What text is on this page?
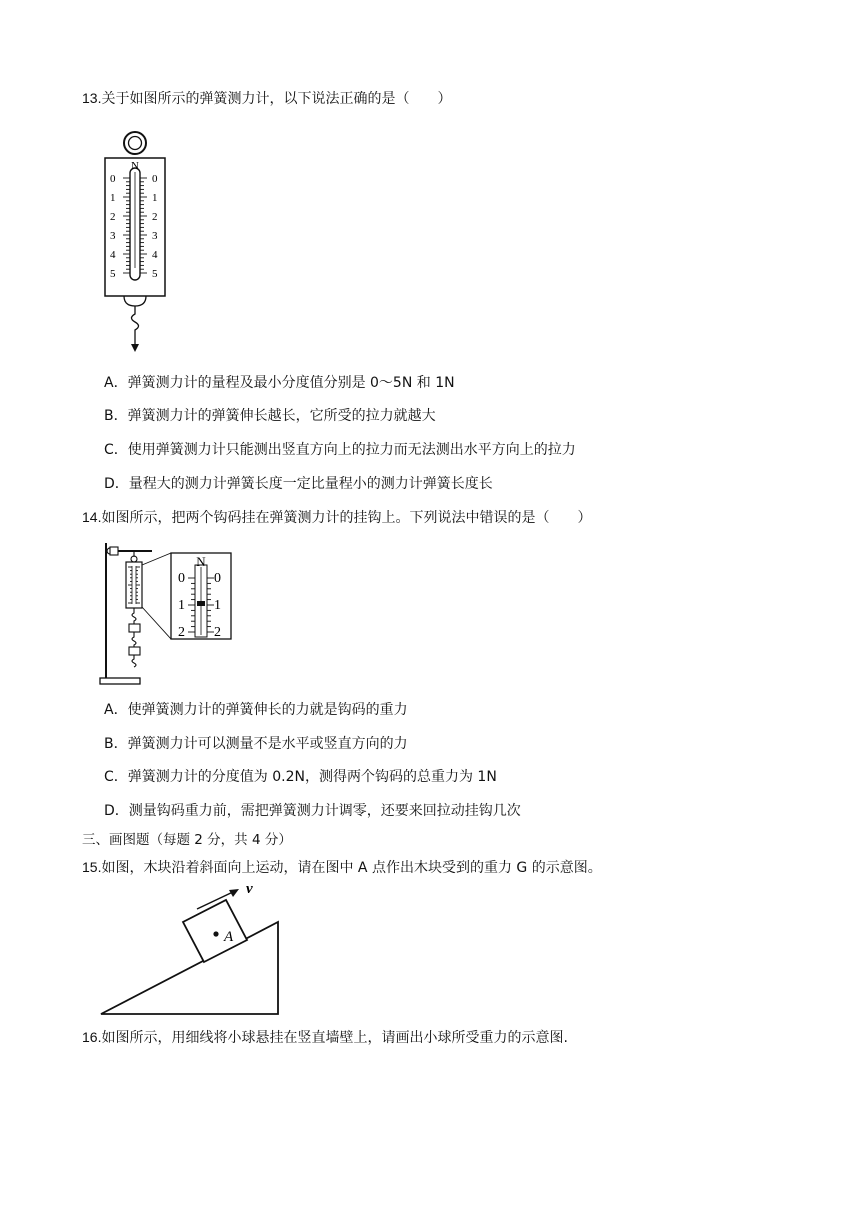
13.关于如图所示的弹簧测力计，以下说法正确的是（　　）
N
0
1
2
3
4
5
0
1
2
3
4
5
A．弹簧测力计的量程及最小分度值分别是 0～5N 和 1N
B．弹簧测力计的弹簧伸长越长，它所受的拉力就越大
C．使用弹簧测力计只能测出竖直方向上的拉力而无法测出水平方向上的拉力
D．量程大的测力计弹簧长度一定比量程小的测力计弹簧长度长
14.如图所示，把两个钩码挂在弹簧测力计的挂钩上。下列说法中错误的是（　　）
N
0
1
2
0
1
2
A．使弹簧测力计的弹簧伸长的力就是钩码的重力
B．弹簧测力计可以测量不是水平或竖直方向的力
C．弹簧测力计的分度值为 0.2N，测得两个钩码的总重力为 1N
D．测量钩码重力前，需把弹簧测力计调零，还要来回拉动挂钩几次
三、画图题（每题 2 分，共 4 分）
15.如图，木块沿着斜面向上运动，请在图中 A 点作出木块受到的重力 G 的示意图。
A
v
16.如图所示，用细线将小球悬挂在竖直墙壁上，请画出小球所受重力的示意图.
